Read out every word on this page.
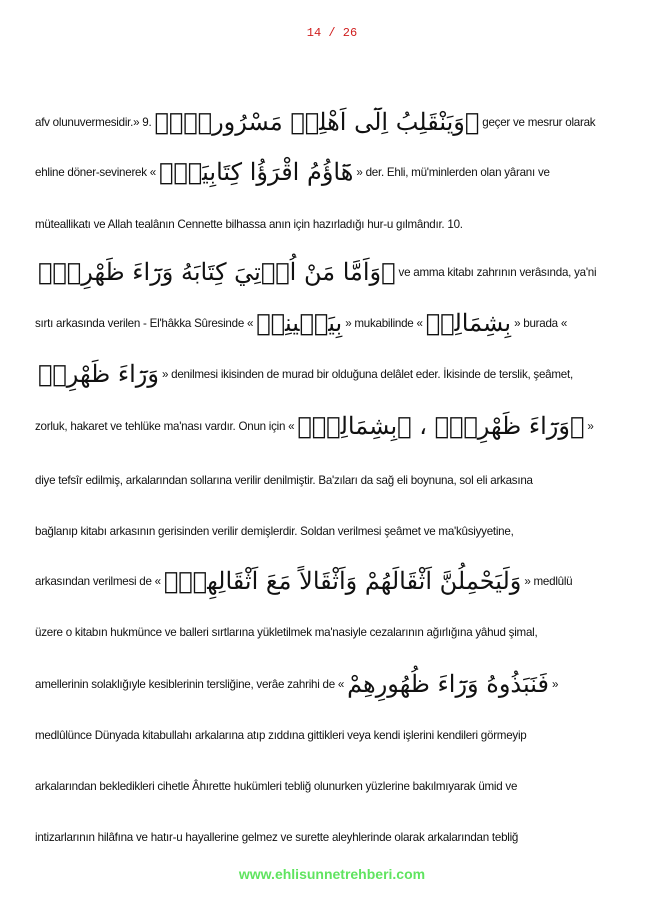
14 / 26
afv olunuvermesidir.» 9. ﴿وَيَنْقَلِبُ اِلَٓى اَهْلِه۪ مَسْرُوراًۜ﴾ geçer ve mesrur olarak
ehline döner-sevinerek « هَٓاؤُمُ اقْرَؤُا كِتَابِيَهْۚ » der. Ehli, mü'minlerden olan yâranı ve
müteallikatı ve Allah tealânın Cennette bilhassa anın için hazırladığı hur-u gılmândır. 10.
﴿وَاَمَّا مَنْ اُو۫تِيَ كِتَابَهُ وَرَٓاءَ ظَهْرِه۪﴾ ve amma kitabı zahrının verâsında, ya'ni
sırtı arkasında verilen - El'hâkka Sûresinde « بِيَم۪ينِه۪ » mukabilinde « بِشِمَالِه۪ » burada «
وَرَٓاءَ ظَهْرِه۪ » denilmesi ikisinden de murad bir olduğuna delâlet eder. İkisinde de terslik, şeâmet,
zorluk, hakaret ve tehlüke ma'nası vardır. Onun için « ﴿وَرَٓاءَ ظَهْرِه۪﴾ ، ﴿بِشِمَالِه۪﴾ »
diye tefsîr edilmiş, arkalarından sollarına verilir denilmiştir. Ba'zıları da sağ eli boynuna, sol eli arkasına
bağlanıp kitabı arkasının gerisinden verilir demişlerdir. Soldan verilmesi şeâmet ve ma'kûsiyyetine,
arkasından verilmesi de « وَلَيَحْمِلُنَّ اَثْقَالَهُمْ وَاَثْقَالاً مَعَ اَثْقَالِهِمْۘ » medlûlü
üzere o kitabın hukmünce ve balleri sırtlarına yükletilmek ma'nasiyle cezalarının ağırlığına yâhud şimal,
amellerinin solaklığıyle kesiblerinin tersliğine, verâe zahrihi de « فَنَبَذُوهُ وَرَٓاءَ ظُهُورِهِمْ »
medlûlünce Dünyada kitabullahı arkalarına atıp zıddına gittikleri veya kendi işlerini kendileri görmeyip
arkalarından bekledikleri cihetle Âhırette hukümleri tebliğ olunurken yüzlerine bakılmıyarak ümid ve
intizarlarının hilâfına ve hatır-u hayallerine gelmez ve surette aleyhlerinde olarak arkalarından tebliğ
www.ehlisunnetrehberi.com
